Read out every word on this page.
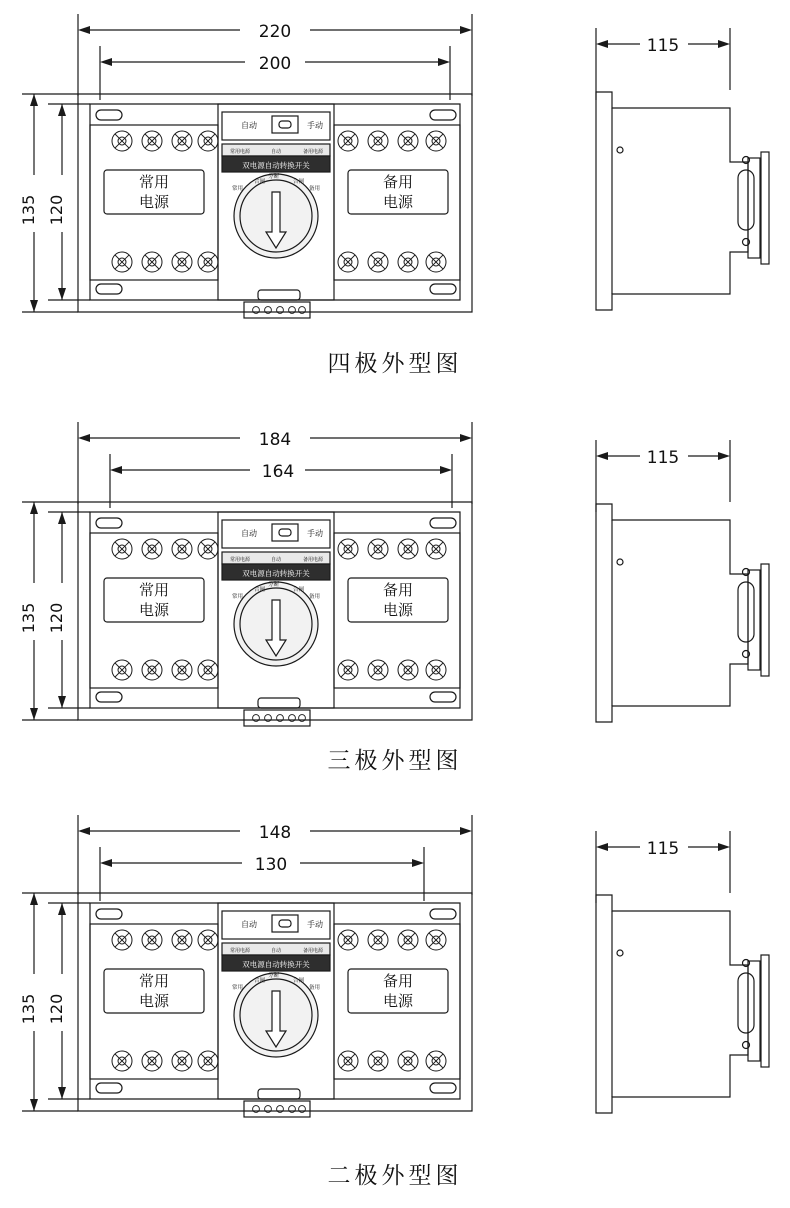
220
200
135 120
常用
电源
备用
电源
自动	手动
常用电源	自动	备用电源
双电源自动转换开关
常用
合闸
分断
合闸
备用
115
四极外型图
184
164
135 120
常用
电源
备用
电源
自动	手动
常用电源	自动	备用电源
双电源自动转换开关
常用
合闸
分断
合闸
备用
115
三极外型图
148
130
135 120
常用
电源
备用
电源
自动	手动
常用电源	自动	备用电源
双电源自动转换开关
常用
合闸
分断
合闸
备用
115
二极外型图
